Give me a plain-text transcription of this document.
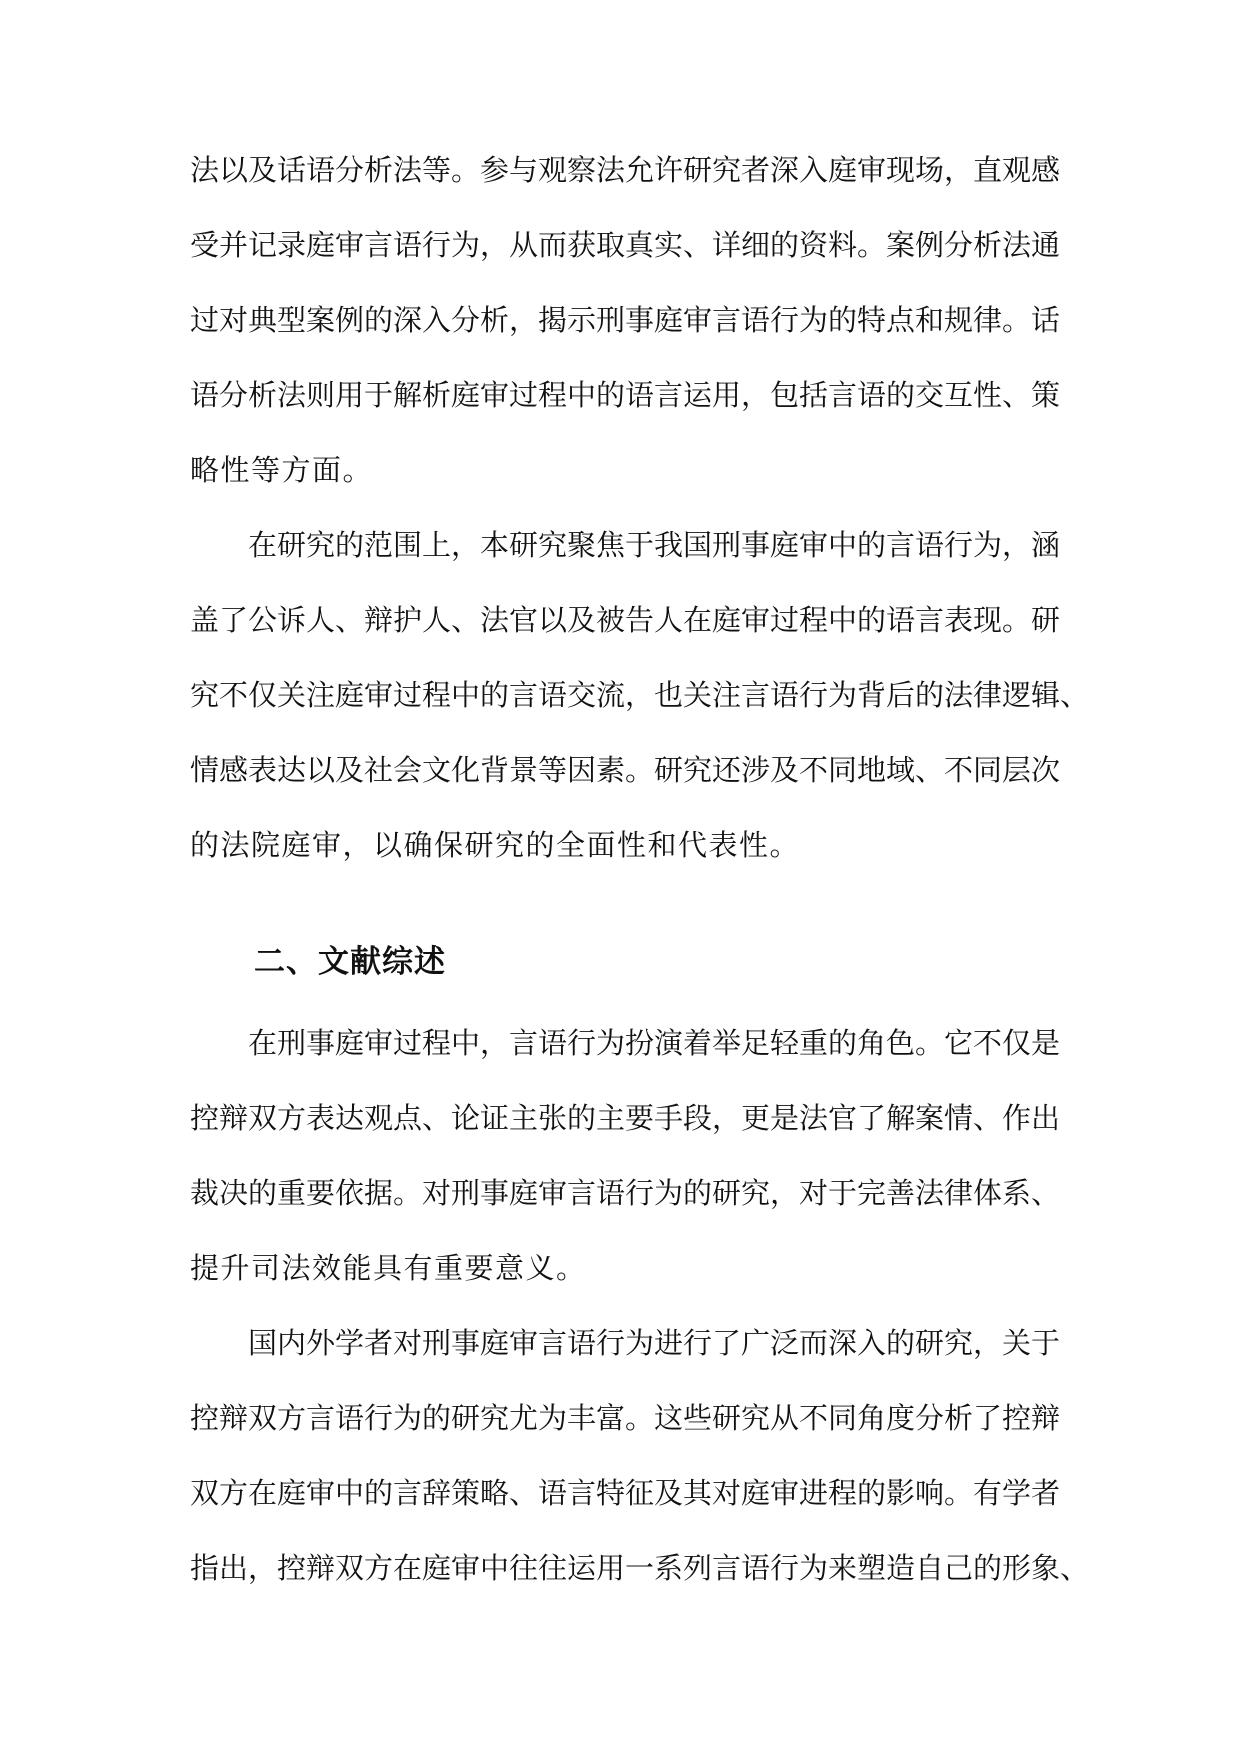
法以及话语分析法等。参与观察法允许研究者深入庭审现场，直观感
受并记录庭审言语行为，从而获取真实、详细的资料。案例分析法通
过对典型案例的深入分析，揭示刑事庭审言语行为的特点和规律。话
语分析法则用于解析庭审过程中的语言运用，包括言语的交互性、策
略性等方面。
在研究的范围上，本研究聚焦于我国刑事庭审中的言语行为，涵
盖了公诉人、辩护人、法官以及被告人在庭审过程中的语言表现。研
究不仅关注庭审过程中的言语交流，也关注言语行为背后的法律逻辑、
情感表达以及社会文化背景等因素。研究还涉及不同地域、不同层次
的法院庭审，以确保研究的全面性和代表性。
二、文献综述
在刑事庭审过程中，言语行为扮演着举足轻重的角色。它不仅是
控辩双方表达观点、论证主张的主要手段，更是法官了解案情、作出
裁决的重要依据。对刑事庭审言语行为的研究，对于完善法律体系、
提升司法效能具有重要意义。
国内外学者对刑事庭审言语行为进行了广泛而深入的研究，关于
控辩双方言语行为的研究尤为丰富。这些研究从不同角度分析了控辩
双方在庭审中的言辞策略、语言特征及其对庭审进程的影响。有学者
指出，控辩双方在庭审中往往运用一系列言语行为来塑造自己的形象、
